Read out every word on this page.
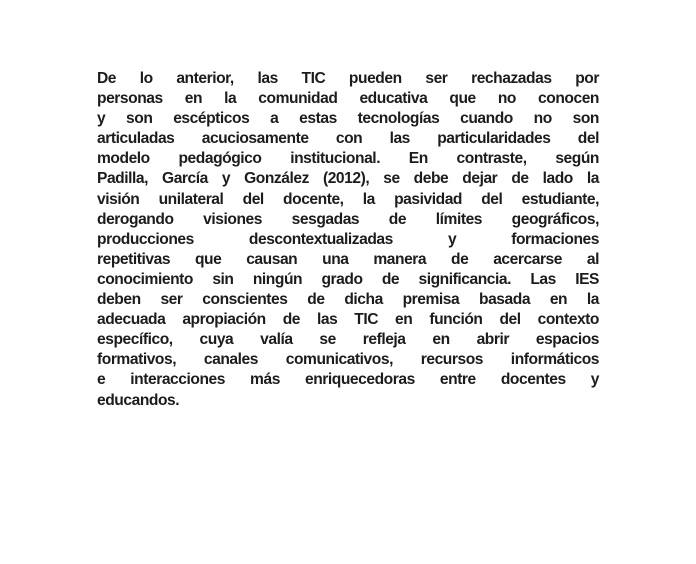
De lo anterior, las TIC pueden ser rechazadas por
personas en la comunidad educativa que no conocen
y son escépticos a estas tecnologías cuando no son
articuladas acuciosamente con las particularidades del
modelo pedagógico institucional. En contraste, según
Padilla, García y González (2012), se debe dejar de lado la
visión unilateral del docente, la pasividad del estudiante,
derogando visiones sesgadas de límites geográficos,
producciones descontextualizadas y formaciones
repetitivas que causan una manera de acercarse al
conocimiento sin ningún grado de significancia. Las IES
deben ser conscientes de dicha premisa basada en la
adecuada apropiación de las TIC en función del contexto
específico, cuya valía se refleja en abrir espacios
formativos, canales comunicativos, recursos informáticos
e interacciones más enriquecedoras entre docentes y
educandos.
